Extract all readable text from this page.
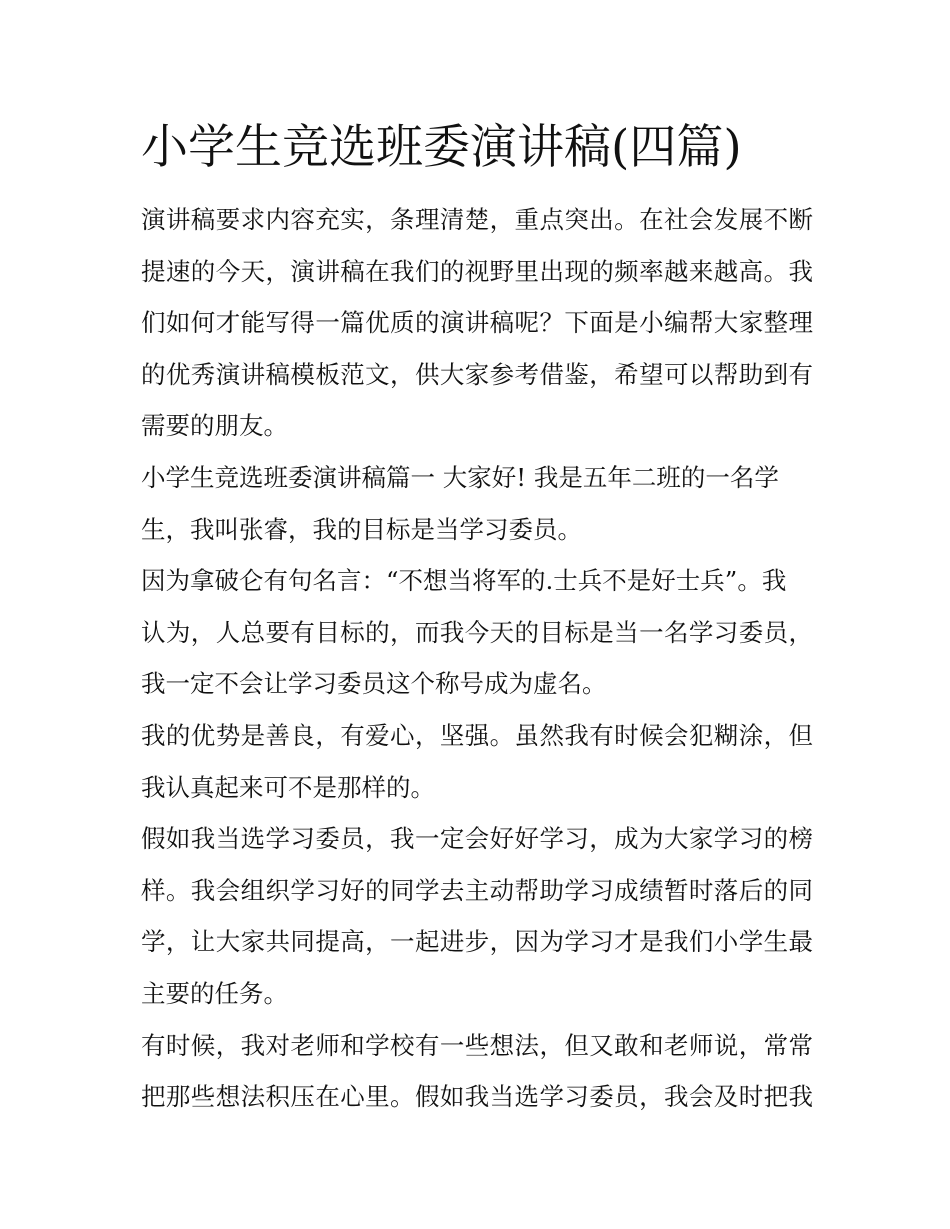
小学生竞选班委演讲稿(四篇)
演讲稿要求内容充实，条理清楚，重点突出。在社会发展不断
提速的今天，演讲稿在我们的视野里出现的频率越来越高。我
们如何才能写得一篇优质的演讲稿呢？下面是小编帮大家整理
的优秀演讲稿模板范文，供大家参考借鉴，希望可以帮助到有
需要的朋友。
小学生竞选班委演讲稿篇一 大家好! 我是五年二班的一名学
生，我叫张睿，我的目标是当学习委员。
因为拿破仑有句名言：“不想当将军的.士兵不是好士兵”。我
认为，人总要有目标的，而我今天的目标是当一名学习委员，
我一定不会让学习委员这个称号成为虚名。
我的优势是善良，有爱心，坚强。虽然我有时候会犯糊涂，但
我认真起来可不是那样的。
假如我当选学习委员，我一定会好好学习，成为大家学习的榜
样。我会组织学习好的同学去主动帮助学习成绩暂时落后的同
学，让大家共同提高，一起进步，因为学习才是我们小学生最
主要的任务。
有时候，我对老师和学校有一些想法，但又敢和老师说，常常
把那些想法积压在心里。假如我当选学习委员，我会及时把我
